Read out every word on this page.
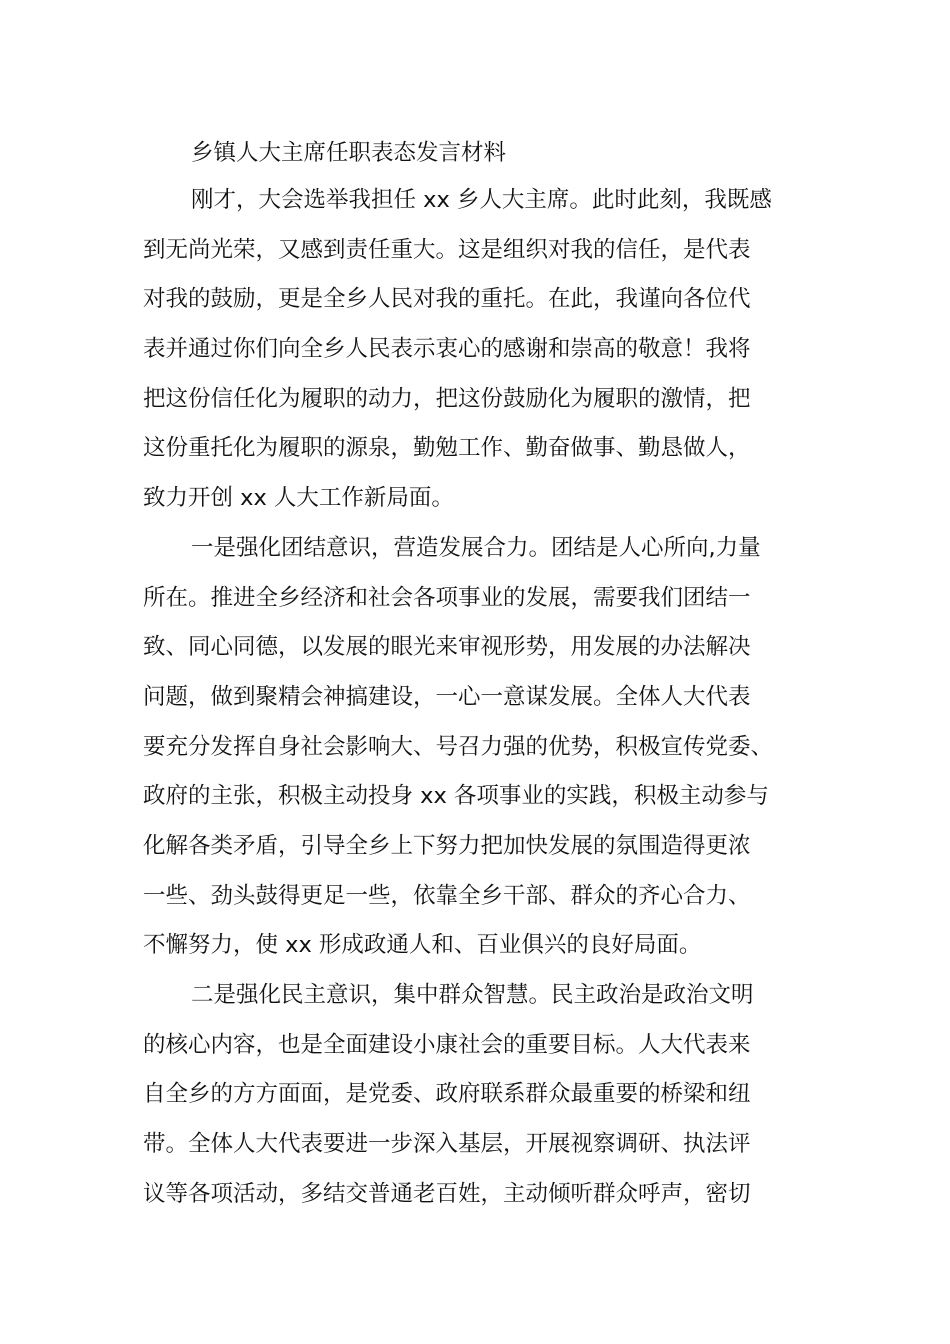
乡镇人大主席任职表态发言材料
刚才，大会选举我担任 xx 乡人大主席。此时此刻，我既感
到无尚光荣，又感到责任重大。这是组织对我的信任，是代表
对我的鼓励，更是全乡人民对我的重托。在此，我谨向各位代
表并通过你们向全乡人民表示衷心的感谢和崇高的敬意！我将
把这份信任化为履职的动力，把这份鼓励化为履职的激情，把
这份重托化为履职的源泉，勤勉工作、勤奋做事、勤恳做人，
致力开创 xx 人大工作新局面。
一是强化团结意识，营造发展合力。团结是人心所向,力量
所在。推进全乡经济和社会各项事业的发展，需要我们团结一
致、同心同德，以发展的眼光来审视形势，用发展的办法解决
问题，做到聚精会神搞建设，一心一意谋发展。全体人大代表
要充分发挥自身社会影响大、号召力强的优势，积极宣传党委、
政府的主张，积极主动投身 xx 各项事业的实践，积极主动参与
化解各类矛盾，引导全乡上下努力把加快发展的氛围造得更浓
一些、劲头鼓得更足一些，依靠全乡干部、群众的齐心合力、
不懈努力，使 xx 形成政通人和、百业俱兴的良好局面。
二是强化民主意识，集中群众智慧。民主政治是政治文明
的核心内容，也是全面建设小康社会的重要目标。人大代表来
自全乡的方方面面，是党委、政府联系群众最重要的桥梁和纽
带。全体人大代表要进一步深入基层，开展视察调研、执法评
议等各项活动，多结交普通老百姓，主动倾听群众呼声，密切
